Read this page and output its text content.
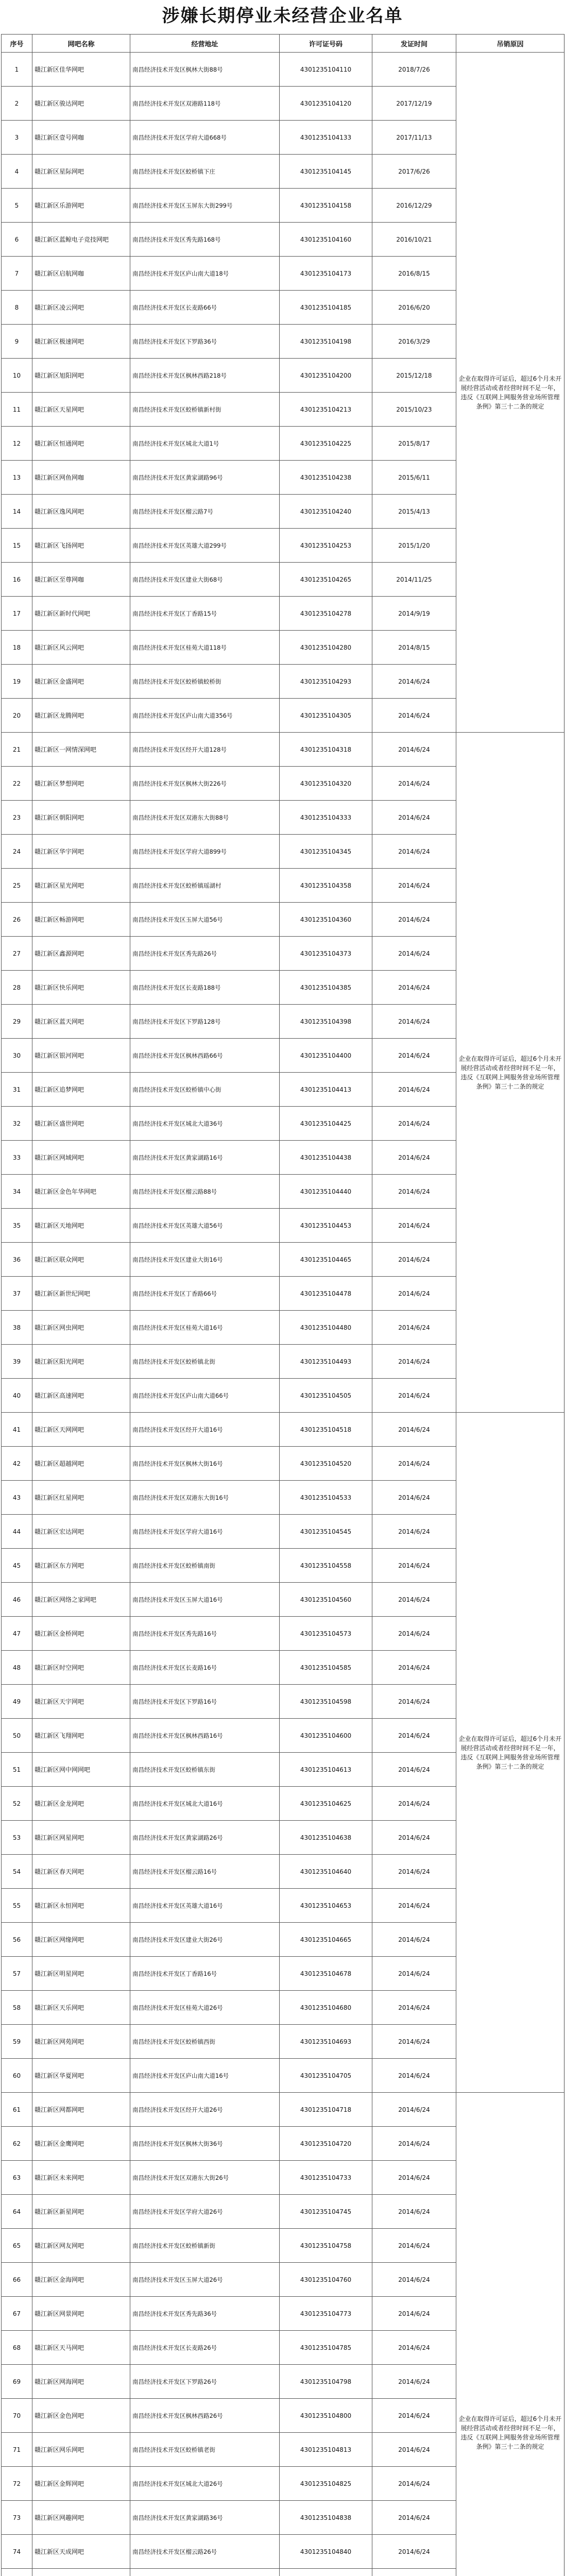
涉嫌长期停业未经营企业名单
序号	网吧名称	经营地址	许可证号码	发证时间	吊销原因
1	赣江新区佳华网吧	南昌经济技术开发区枫林大街88号	4301235104110	2018/7/26	企业在取得许可证后，超过6个月未开展经营活动或者经营时间不足一年，违反《互联网上网服务营业场所管理条例》第三十二条的规定
2	赣江新区骏达网吧	南昌经济技术开发区双港路118号	4301235104120	2017/12/19	
3	赣江新区壹号网咖	南昌经济技术开发区学府大道668号	4301235104133	2017/11/13	
4	赣江新区星际网吧	南昌经济技术开发区蛟桥镇下庄	4301235104145	2017/6/26	
5	赣江新区乐游网吧	南昌经济技术开发区玉屏东大街299号	4301235104158	2016/12/29	
6	赣江新区蓝鲸电子竞技网吧	南昌经济技术开发区秀先路168号	4301235104160	2016/10/21	
7	赣江新区启航网咖	南昌经济技术开发区庐山南大道18号	4301235104173	2016/8/15	
8	赣江新区凌云网吧	南昌经济技术开发区长麦路66号	4301235104185	2016/6/20	
9	赣江新区极速网吧	南昌经济技术开发区下罗路36号	4301235104198	2016/3/29	
10	赣江新区旭阳网吧	南昌经济技术开发区枫林西路218号	4301235104200	2015/12/18	
11	赣江新区天星网吧	南昌经济技术开发区蛟桥镇新村街	4301235104213	2015/10/23	
12	赣江新区恒通网吧	南昌经济技术开发区城北大道1号	4301235104225	2015/8/17	
13	赣江新区网鱼网咖	南昌经济技术开发区黄家湖路96号	4301235104238	2015/6/11	
14	赣江新区逸风网吧	南昌经济技术开发区榴云路7号	4301235104240	2015/4/13	
15	赣江新区飞扬网吧	南昌经济技术开发区英雄大道299号	4301235104253	2015/1/20	
16	赣江新区至尊网咖	南昌经济技术开发区建业大街68号	4301235104265	2014/11/25	
17	赣江新区新时代网吧	南昌经济技术开发区丁香路15号	4301235104278	2014/9/19	
18	赣江新区风云网吧	南昌经济技术开发区桂苑大道118号	4301235104280	2014/8/15	
19	赣江新区金盛网吧	南昌经济技术开发区蛟桥镇蛟桥街	4301235104293	2014/6/24	
20	赣江新区龙腾网吧	南昌经济技术开发区庐山南大道356号	4301235104305	2014/6/24	
21	赣江新区一网情深网吧	南昌经济技术开发区经开大道128号	4301235104318	2014/6/24	企业在取得许可证后，超过6个月未开展经营活动或者经营时间不足一年，违反《互联网上网服务营业场所管理条例》第三十二条的规定
22	赣江新区梦想网吧	南昌经济技术开发区枫林大街226号	4301235104320	2014/6/24	
23	赣江新区朝阳网吧	南昌经济技术开发区双港东大街88号	4301235104333	2014/6/24	
24	赣江新区华宇网吧	南昌经济技术开发区学府大道899号	4301235104345	2014/6/24	
25	赣江新区星光网吧	南昌经济技术开发区蛟桥镇瑶湖村	4301235104358	2014/6/24	
26	赣江新区畅游网吧	南昌经济技术开发区玉屏大道56号	4301235104360	2014/6/24	
27	赣江新区鑫源网吧	南昌经济技术开发区秀先路26号	4301235104373	2014/6/24	
28	赣江新区快乐网吧	南昌经济技术开发区长麦路188号	4301235104385	2014/6/24	
29	赣江新区蓝天网吧	南昌经济技术开发区下罗路128号	4301235104398	2014/6/24	
30	赣江新区银河网吧	南昌经济技术开发区枫林西路66号	4301235104400	2014/6/24	
31	赣江新区追梦网吧	南昌经济技术开发区蛟桥镇中心街	4301235104413	2014/6/24	
32	赣江新区盛世网吧	南昌经济技术开发区城北大道36号	4301235104425	2014/6/24	
33	赣江新区网域网吧	南昌经济技术开发区黄家湖路16号	4301235104438	2014/6/24	
34	赣江新区金色年华网吧	南昌经济技术开发区榴云路88号	4301235104440	2014/6/24	
35	赣江新区天地网吧	南昌经济技术开发区英雄大道56号	4301235104453	2014/6/24	
36	赣江新区联众网吧	南昌经济技术开发区建业大街16号	4301235104465	2014/6/24	
37	赣江新区新世纪网吧	南昌经济技术开发区丁香路66号	4301235104478	2014/6/24	
38	赣江新区网虫网吧	南昌经济技术开发区桂苑大道16号	4301235104480	2014/6/24	
39	赣江新区阳光网吧	南昌经济技术开发区蛟桥镇北街	4301235104493	2014/6/24	
40	赣江新区高速网吧	南昌经济技术开发区庐山南大道66号	4301235104505	2014/6/24	
41	赣江新区天网网吧	南昌经济技术开发区经开大道16号	4301235104518	2014/6/24	企业在取得许可证后，超过6个月未开展经营活动或者经营时间不足一年，违反《互联网上网服务营业场所管理条例》第三十二条的规定
42	赣江新区超越网吧	南昌经济技术开发区枫林大街16号	4301235104520	2014/6/24	
43	赣江新区红星网吧	南昌经济技术开发区双港东大街16号	4301235104533	2014/6/24	
44	赣江新区宏达网吧	南昌经济技术开发区学府大道16号	4301235104545	2014/6/24	
45	赣江新区东方网吧	南昌经济技术开发区蛟桥镇南街	4301235104558	2014/6/24	
46	赣江新区网络之家网吧	南昌经济技术开发区玉屏大道16号	4301235104560	2014/6/24	
47	赣江新区金桥网吧	南昌经济技术开发区秀先路16号	4301235104573	2014/6/24	
48	赣江新区时空网吧	南昌经济技术开发区长麦路16号	4301235104585	2014/6/24	
49	赣江新区天宇网吧	南昌经济技术开发区下罗路16号	4301235104598	2014/6/24	
50	赣江新区飞翔网吧	南昌经济技术开发区枫林西路16号	4301235104600	2014/6/24	
51	赣江新区网中网网吧	南昌经济技术开发区蛟桥镇东街	4301235104613	2014/6/24	
52	赣江新区金龙网吧	南昌经济技术开发区城北大道16号	4301235104625	2014/6/24	
53	赣江新区网星网吧	南昌经济技术开发区黄家湖路26号	4301235104638	2014/6/24	
54	赣江新区春天网吧	南昌经济技术开发区榴云路16号	4301235104640	2014/6/24	
55	赣江新区永恒网吧	南昌经济技术开发区英雄大道16号	4301235104653	2014/6/24	
56	赣江新区网缘网吧	南昌经济技术开发区建业大街26号	4301235104665	2014/6/24	
57	赣江新区明星网吧	南昌经济技术开发区丁香路16号	4301235104678	2014/6/24	
58	赣江新区天乐网吧	南昌经济技术开发区桂苑大道26号	4301235104680	2014/6/24	
59	赣江新区网苑网吧	南昌经济技术开发区蛟桥镇西街	4301235104693	2014/6/24	
60	赣江新区华夏网吧	南昌经济技术开发区庐山南大道16号	4301235104705	2014/6/24	
61	赣江新区网都网吧	南昌经济技术开发区经开大道26号	4301235104718	2014/6/24	企业在取得许可证后，超过6个月未开展经营活动或者经营时间不足一年，违反《互联网上网服务营业场所管理条例》第三十二条的规定
62	赣江新区金鹰网吧	南昌经济技术开发区枫林大街36号	4301235104720	2014/6/24	
63	赣江新区未来网吧	南昌经济技术开发区双港东大街26号	4301235104733	2014/6/24	
64	赣江新区新星网吧	南昌经济技术开发区学府大道26号	4301235104745	2014/6/24	
65	赣江新区网友网吧	南昌经济技术开发区蛟桥镇新街	4301235104758	2014/6/24	
66	赣江新区金海网吧	南昌经济技术开发区玉屏大道26号	4301235104760	2014/6/24	
67	赣江新区网景网吧	南昌经济技术开发区秀先路36号	4301235104773	2014/6/24	
68	赣江新区天马网吧	南昌经济技术开发区长麦路26号	4301235104785	2014/6/24	
69	赣江新区网海网吧	南昌经济技术开发区下罗路26号	4301235104798	2014/6/24	
70	赣江新区金色网吧	南昌经济技术开发区枫林西路26号	4301235104800	2014/6/24	
71	赣江新区网乐网吧	南昌经济技术开发区蛟桥镇老街	4301235104813	2014/6/24	
72	赣江新区金辉网吧	南昌经济技术开发区城北大道26号	4301235104825	2014/6/24	
73	赣江新区网趣网吧	南昌经济技术开发区黄家湖路36号	4301235104838	2014/6/24	
74	赣江新区天成网吧	南昌经济技术开发区榴云路26号	4301235104840	2014/6/24	
